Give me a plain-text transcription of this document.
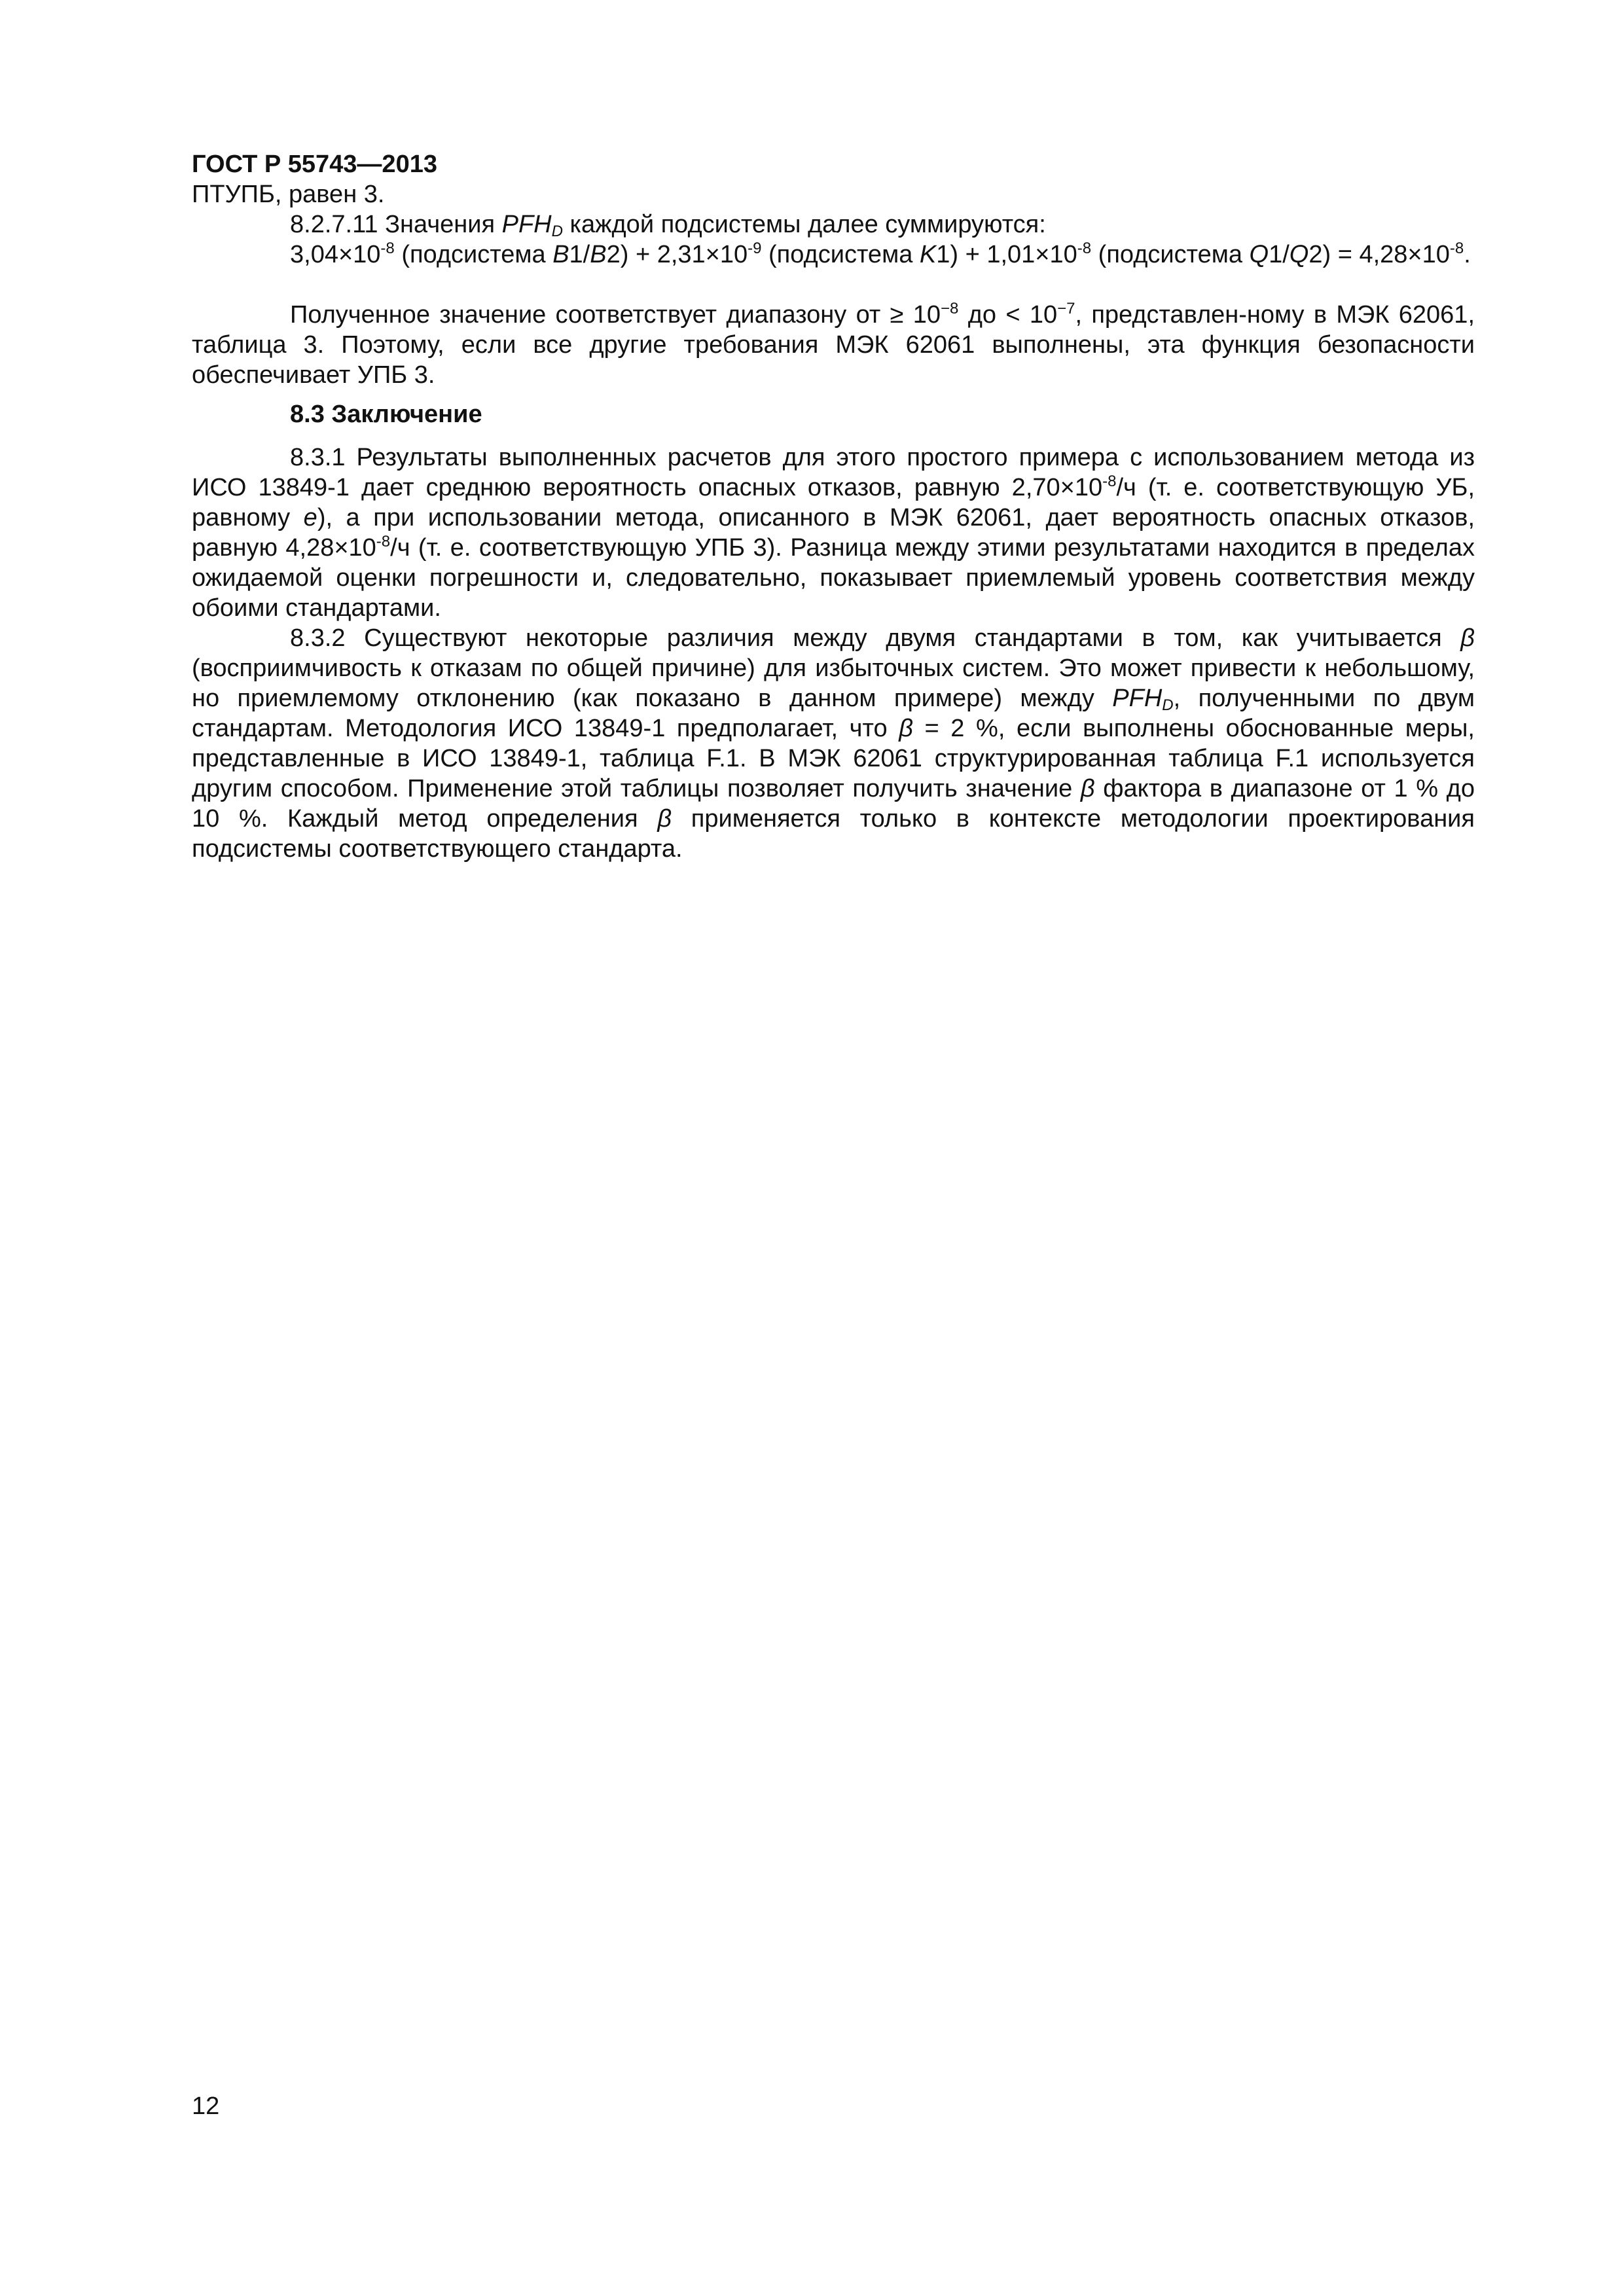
ГОСТ Р 55743—2013

ПТУПБ, равен 3.

8.2.7.11 Значения $PFH_D$ каждой подсистемы далее суммируются:

$3,04\times 10^{-8}$ (подсистема $B1/B2) + 2,31\times 10^{-9}$ (подсистема $K1) + 1,01\times 10^{-8}$ (подсистема $Q1/Q2) = 4,28\times 10^{-8}$.

Полученное значение соответствует диапазону от ≥ $10^{-8}$ до < $10^{-7}$, представлен-ному в МЭК 62061, таблица 3. Поэтому, если все другие требования МЭК 62061 выполнены, эта функция безопасности обеспечивает УПБ 3.

8.3 Заключение

8.3.1 Результаты выполненных расчетов для этого простого примера с использованием метода из ИСО 13849-1 дает среднюю вероятность опасных отказов, равную $2,70\times 10^{-8}/ч$ (т. е. соответствующую УБ, равному e), а при использовании метода, описанного в МЭК 62061, дает вероятность опасных отказов, равную $4,28\times 10^{-8}/ч$ (т. е. соответствующую УПБ 3). Разница между этими результатами находится в пределах ожидаемой оценки погрешности и, следовательно, показывает приемлемый уровень соответствия между обоими стандартами.

8.3.2 Существуют некоторые различия между двумя стандартами в том, как учитывается β (восприимчивость к отказам по общей причине) для избыточных систем. Это может привести к небольшому, но приемлемому отклонению (как показано в данном примере) между $PFH_D$, полученными по двум стандартам. Методология ИСО 13849-1 предполагает, что β = 2 %, если выполнены обоснованные меры, представленные в ИСО 13849-1, таблица F.1. В МЭК 62061 структурированная таблица F.1 используется другим способом. Применение этой таблицы позволяет получить значение β фактора в диапазоне от 1 % до 10 %. Каждый метод определения β применяется только в контексте методологии проектирования подсистемы соответствующего стандарта.

12
